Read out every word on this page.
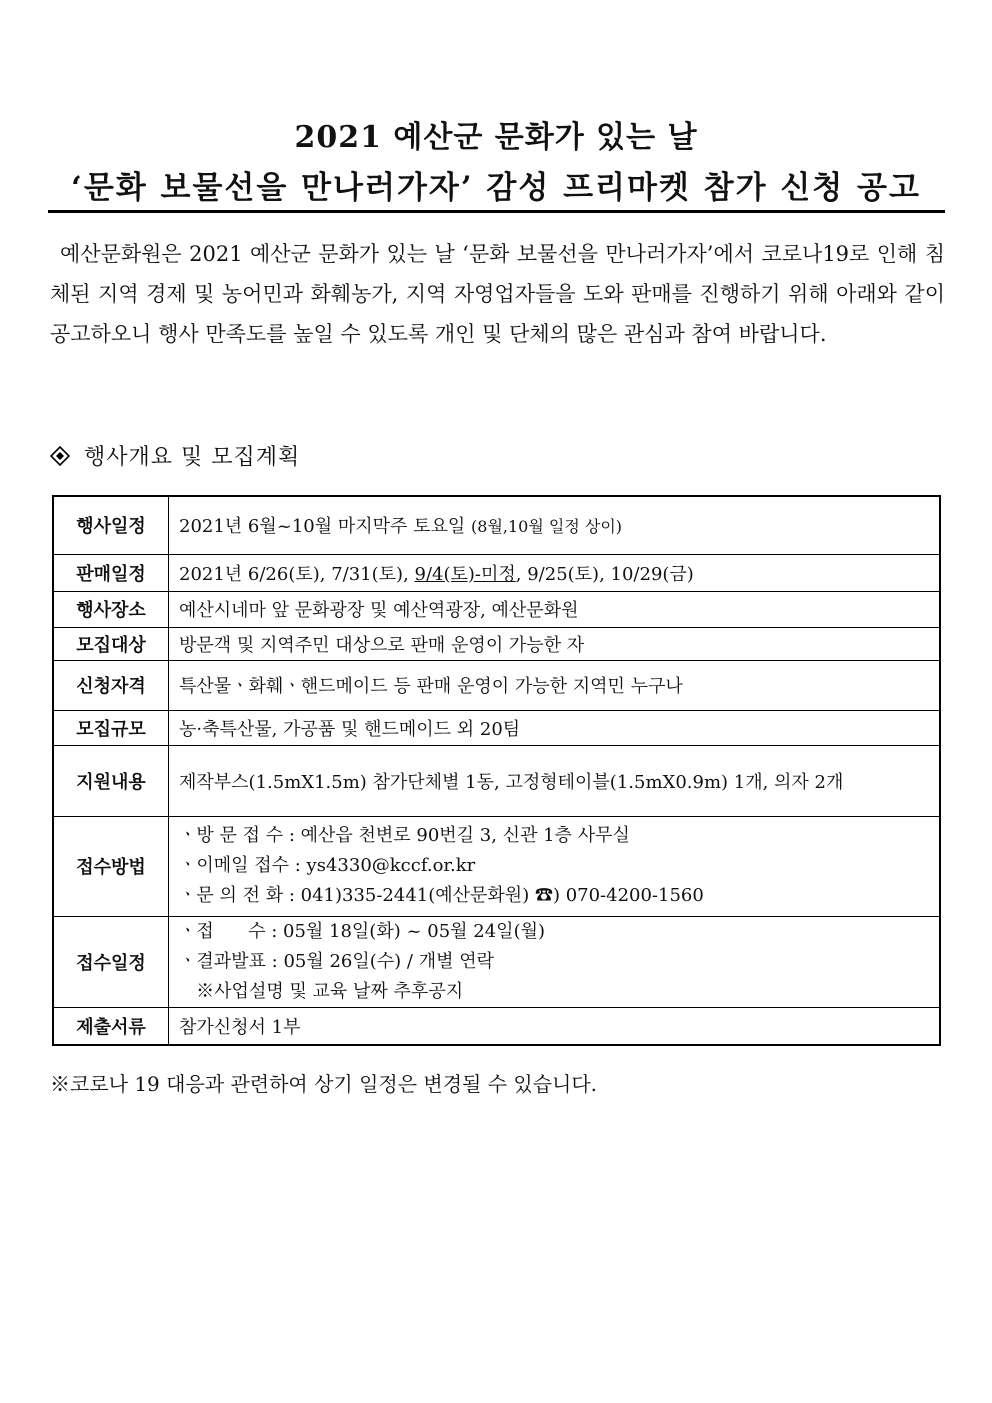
2021 예산군 문화가 있는 날
‘문화 보물선을 만나러가자’ 감성 프리마켓 참가 신청 공고
예산문화원은 2021 예산군 문화가 있는 날 ‘문화 보물선을 만나러가자’에서 코로나19로 인해 침체된 지역 경제 및 농어민과 화훼농가, 지역 자영업자들을 도와 판매를 진행하기 위해 아래와 같이 공고하오니 행사 만족도를 높일 수 있도록 개인 및 단체의 많은 관심과 참여 바랍니다.
행사개요 및 모집계획
행사일정	2021년 6월~10월 마지막주 토요일 (8월,10월 일정 상이)
판매일정	2021년 6/26(토), 7/31(토), 9/4(토)-미정, 9/25(토), 10/29(금)
행사장소	예산시네마 앞 문화광장 및 예산역광장, 예산문화원
모집대상	방문객 및 지역주민 대상으로 판매 운영이 가능한 자
신청자격	특산물ㆍ화훼ㆍ핸드메이드 등 판매 운영이 가능한 지역민 누구나
모집규모	농·축특산물, 가공품 및 핸드메이드 외 20팀
지원내용	제작부스(1.5mX1.5m) 참가단체별 1동, 고정형테이블(1.5mX0.9m) 1개, 의자 2개
접수방법	ㆍ방 문 접 수 : 예산읍 천변로 90번길 3, 신관 1층 사무실
ㆍ이메일 접수 : ys4330@kccf.or.kr
ㆍ문 의 전 화 : 041)335-2441(예산문화원) ☎) 070-4200-1560

접수일정	ㆍ접      수 : 05월 18일(화) ~ 05월 24일(월)
ㆍ결과발표 : 05월 26일(수) / 개별 연락
※사업설명 및 교육 날짜 추후공지

제출서류	참가신청서 1부
※코로나 19 대응과 관련하여 상기 일정은 변경될 수 있습니다.
